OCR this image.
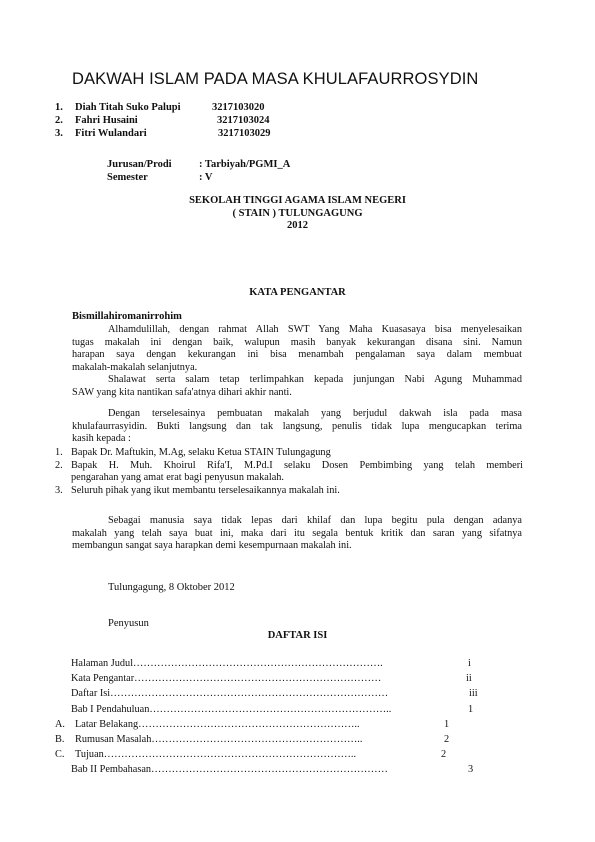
DAKWAH ISLAM PADA MASA KHULAFAURROSYDIN
1. Diah Titah Suko Palupi	3217103020
2. Fahri Husaini	3217103024
3. Fitri Wulandari	3217103029
Jurusan/Prodi	: Tarbiyah/PGMI_A
Semester	: V
SEKOLAH TINGGI AGAMA ISLAM NEGERI
( STAIN ) TULUNGAGUNG
2012
KATA PENGANTAR
Bismillahiromanirrohim
Alhamdulillah, dengan rahmat Allah SWT Yang Maha Kuasasaya bisa menyelesaikan
tugas makalah ini dengan baik, walupun masih banyak kekurangan disana sini. Namun
harapan saya dengan kekurangan ini bisa menambah pengalaman saya dalam membuat
makalah-makalah selanjutnya.
Shalawat serta salam tetap terlimpahkan kepada junjungan Nabi Agung Muhammad
SAW yang kita nantikan safa'atnya dihari akhir nanti.
Dengan terselesainya pembuatan makalah yang berjudul dakwah isla pada masa
khulafaurrasyidin. Bukti langsung dan tak langsung, penulis tidak lupa mengucapkan terima
kasih kepada :
1. Bapak Dr. Maftukin, M.Ag, selaku Ketua STAIN Tulungagung
2. Bapak H. Muh. Khoirul Rifa'I, M.Pd.I selaku Dosen Pembimbing yang telah memberi
pengarahan yang amat erat bagi penyusun makalah.
3. Seluruh pihak yang ikut membantu terselesaikannya makalah ini.
Sebagai manusia saya tidak lepas dari khilaf dan lupa begitu pula dengan adanya
makalah yang telah saya buat ini, maka dari itu segala bentuk kritik dan saran yang sifatnya
membangun sangat saya harapkan demi kesempurnaan makalah ini.
Tulungagung, 8 Oktober 2012
Penyusun
DAFTAR ISI
Halaman Judul……………………………………………………………….	i
Kata Pengantar………………………………………………………………	ii
Daftar Isi………………………………………………………………………	iii
Bab I Pendahuluan……………………………………………………………..	1
A. Latar Belakang………………………………………………………..	1
B. Rumusan Masalah……………………………………………………..	2
C. Tujuan………………………………………………………………..	2
Bab II Pembahasan……………………………………………………………	3
